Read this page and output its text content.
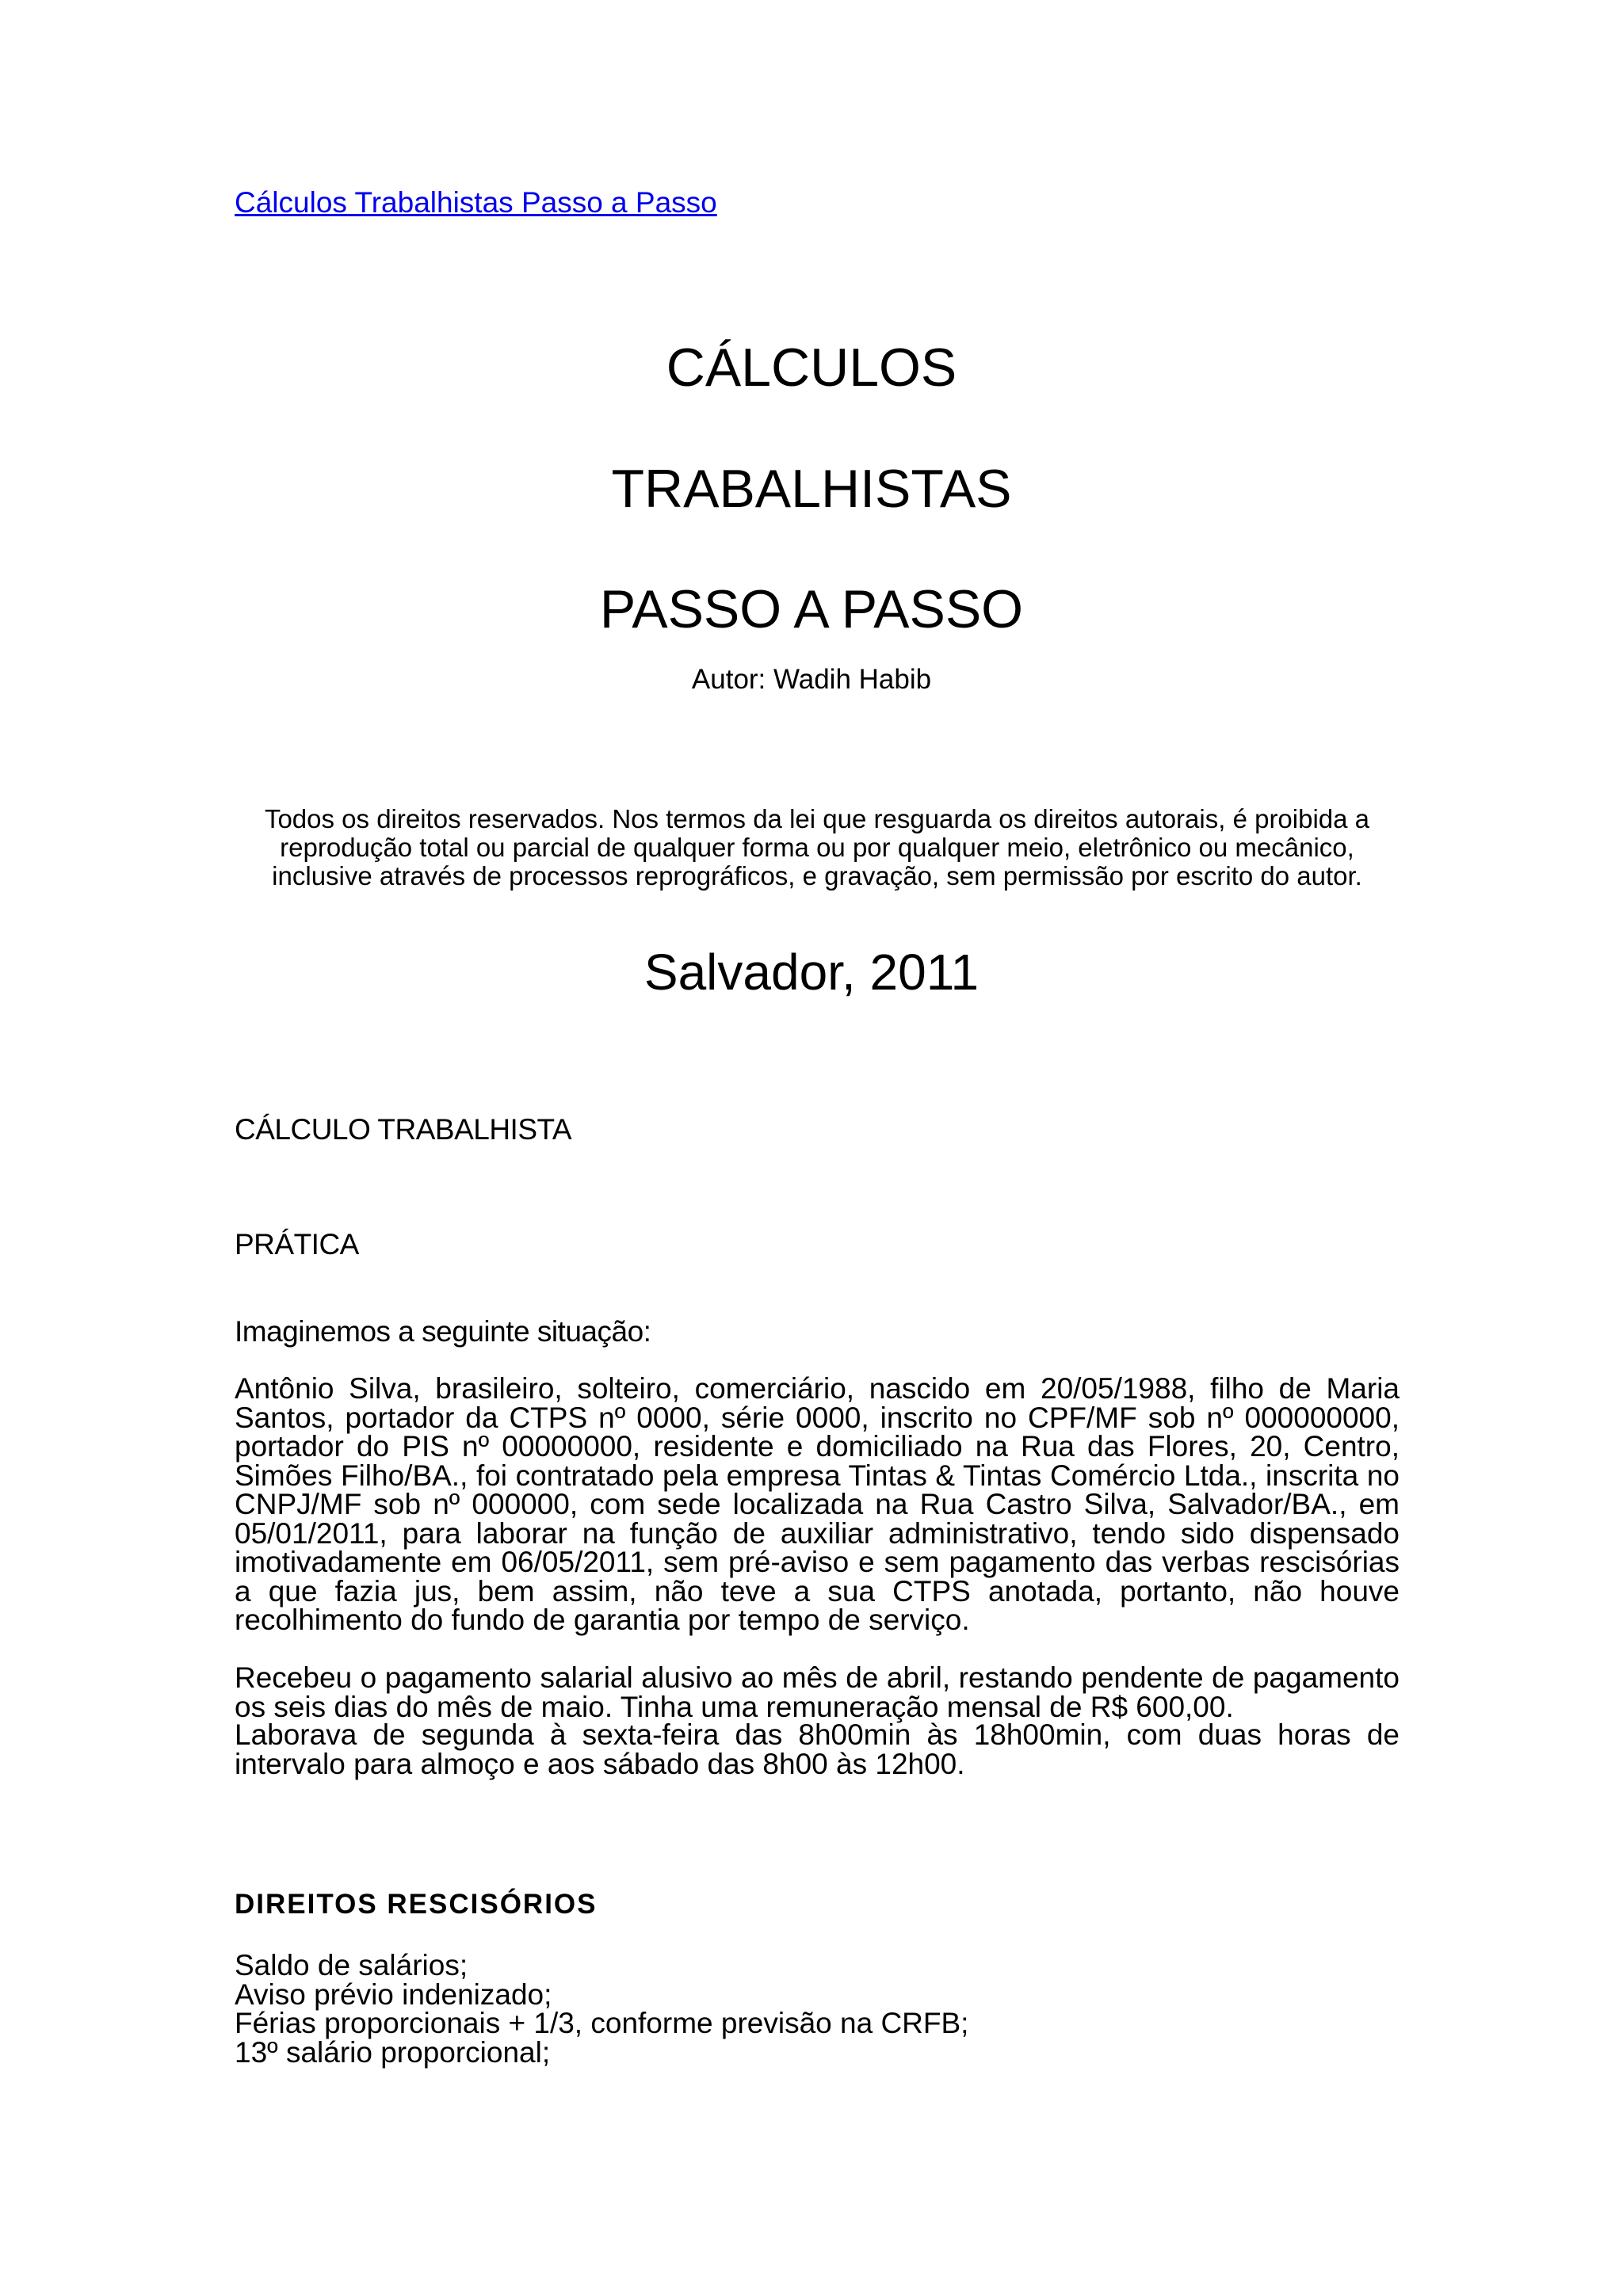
Cálculos Trabalhistas Passo a Passo
CÁLCULOS
TRABALHISTAS
PASSO A PASSO
Autor: Wadih Habib

Todos os direitos reservados. Nos termos da lei que resguarda os direitos autorais, é proibida a reprodução total ou parcial de qualquer forma ou por qualquer meio, eletrônico ou mecânico, inclusive através de processos reprográficos, e gravação, sem permissão por escrito do autor.

Salvador, 2011
CÁLCULO TRABALHISTA
PRÁTICA
Imaginemos a seguinte situação:

Antônio Silva, brasileiro, solteiro, comerciário, nascido em 20/05/1988, filho de Maria Santos, portador da CTPS nº 0000, série 0000, inscrito no CPF/MF sob nº 000000000, portador do PIS nº 00000000, residente e domiciliado na Rua das Flores, 20, Centro, Simões Filho/BA., foi contratado pela empresa Tintas & Tintas Comércio Ltda., inscrita no CNPJ/MF sob nº 000000, com sede localizada na Rua Castro Silva, Salvador/BA., em 05/01/2011, para laborar na função de auxiliar administrativo, tendo sido dispensado imotivadamente em 06/05/2011, sem pré-aviso e sem pagamento das verbas rescisórias a que fazia jus, bem assim, não teve a sua CTPS anotada, portanto, não houve recolhimento do fundo de garantia por tempo de serviço.

Recebeu o pagamento salarial alusivo ao mês de abril, restando pendente de pagamento os seis dias do mês de maio. Tinha uma remuneração mensal de R$ 600,00.

Laborava de segunda à sexta-feira das 8h00min às 18h00min, com duas horas de intervalo para almoço e aos sábado das 8h00 às 12h00.

DIREITOS RESCISÓRIOS
Saldo de salários;
Aviso prévio indenizado;
Férias proporcionais + 1/3, conforme previsão na CRFB;
13º salário proporcional;
